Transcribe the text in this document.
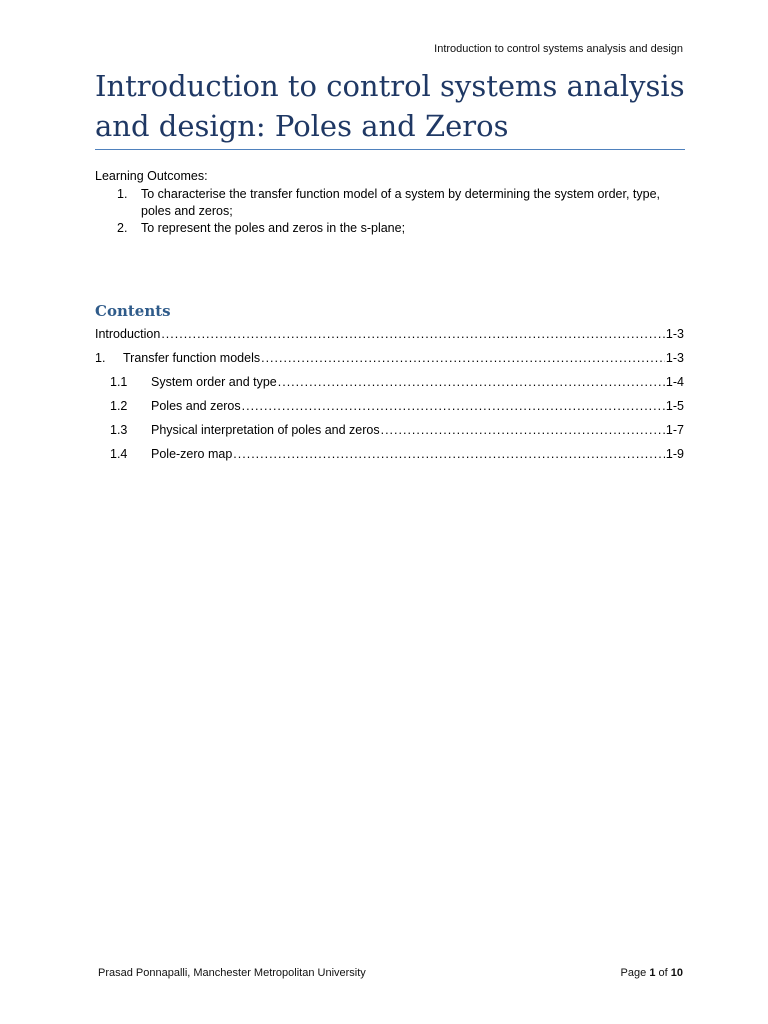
Introduction to control systems analysis and design
Introduction to control systems analysis and design: Poles and Zeros

Learning Outcomes:

1. To characterise the transfer function model of a system by determining the system order, type, poles and zeros;
2. To represent the poles and zeros in the s-plane;
Contents
Introduction .....	1-3
1.	Transfer function models .....	1-3
1.1	System order and type .....	1-4
1.2	Poles and zeros .....	1-5
1.3	Physical interpretation of poles and zeros .....	1-7
1.4	Pole-zero map .....	1-9
Prasad Ponnapalli, Manchester Metropolitan University	Page 1 of 10
